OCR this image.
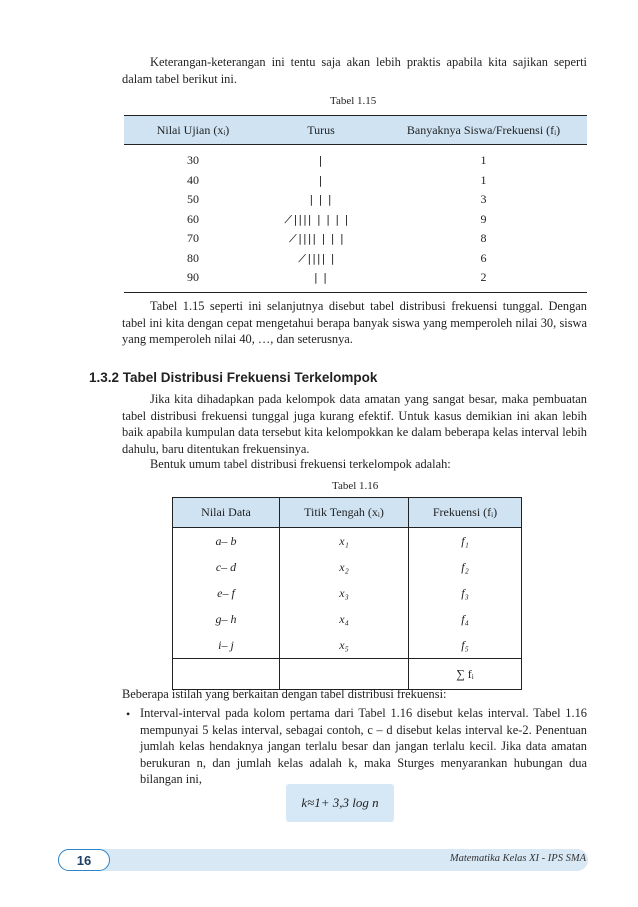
Keterangan-keterangan ini tentu saja akan lebih praktis apabila kita sajikan seperti dalam tabel berikut ini.

Tabel 1.15
Nilai Ujian (xᵢ)	Turus	Banyaknya Siswa/Frekuensi (fᵢ)
30	|	1
40	|	1
50	| | |	3
60	̸|||| | | | |	9
70	̸|||| | | |	8
80	̸|||| |	6
90	| |	2

Tabel 1.15 seperti ini selanjutnya disebut tabel distribusi frekuensi tunggal. Dengan tabel ini kita dengan cepat mengetahui berapa banyak siswa yang memperoleh nilai 30, siswa yang memperoleh nilai 40, …, dan seterusnya.

1.3.2 Tabel Distribusi Frekuensi Terkelompok

Jika kita dihadapkan pada kelompok data amatan yang sangat besar, maka pembuatan tabel distribusi frekuensi tunggal juga kurang efektif. Untuk kasus demikian ini akan lebih baik apabila kumpulan data tersebut kita kelompokkan ke dalam beberapa kelas interval lebih dahulu, baru ditentukan frekuensinya.

Bentuk umum tabel distribusi frekuensi terkelompok adalah:

Tabel 1.16
Nilai Data	Titik Tengah (xᵢ)	Frekuensi (fᵢ)
a– b	x₁	f₁
c– d	x₂	f₂
e– f	x₃	f₃
g– h	x₄	f₄
i– j	x₅	f₅
		∑ fᵢ

Beberapa istilah yang berkaitan dengan tabel distribusi frekuensi:

• Interval-interval pada kolom pertama dari Tabel 1.16 disebut kelas interval. Tabel 1.16 mempunyai 5 kelas interval, sebagai contoh, c – d disebut kelas interval ke-2. Penentuan jumlah kelas hendaknya jangan terlalu besar dan jangan terlalu kecil. Jika data amatan berukuran n, dan jumlah kelas adalah k, maka Sturges menyarankan hubungan dua bilangan ini,

k≈1+ 3,3 log n
16	Matematika Kelas XI - IPS SMA
